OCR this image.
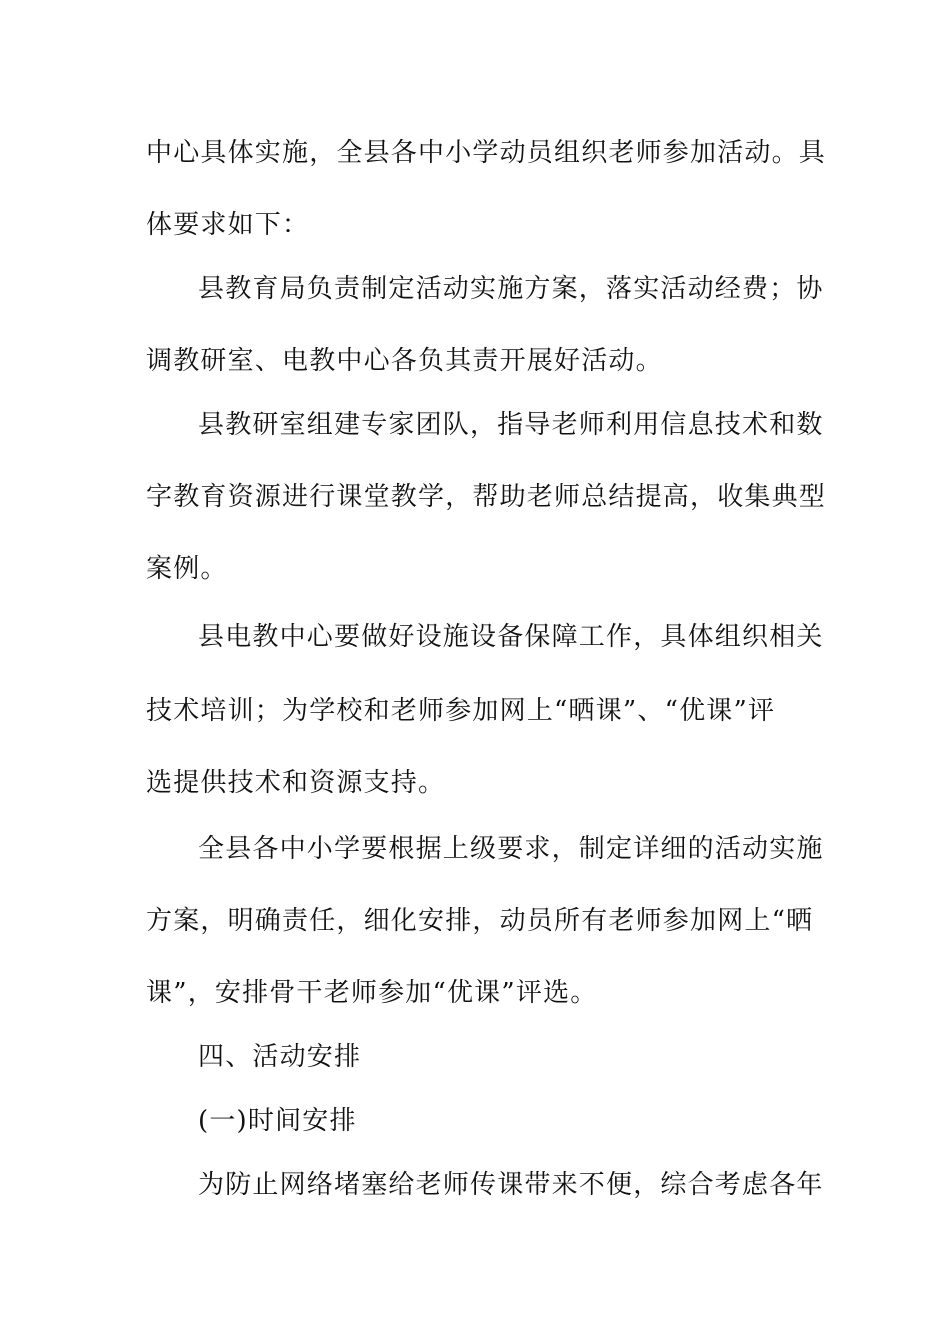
中心具体实施，全县各中小学动员组织老师参加活动。具
体要求如下：
县教育局负责制定活动实施方案，落实活动经费；协
调教研室、电教中心各负其责开展好活动。
县教研室组建专家团队，指导老师利用信息技术和数
字教育资源进行课堂教学，帮助老师总结提高，收集典型
案例。
县电教中心要做好设施设备保障工作，具体组织相关
技术培训；为学校和老师参加网上“晒课”、“优课”评
选提供技术和资源支持。
全县各中小学要根据上级要求，制定详细的活动实施
方案，明确责任，细化安排，动员所有老师参加网上“晒
课”，安排骨干老师参加“优课”评选。
四、活动安排
(一)时间安排
为防止网络堵塞给老师传课带来不便，综合考虑各年
